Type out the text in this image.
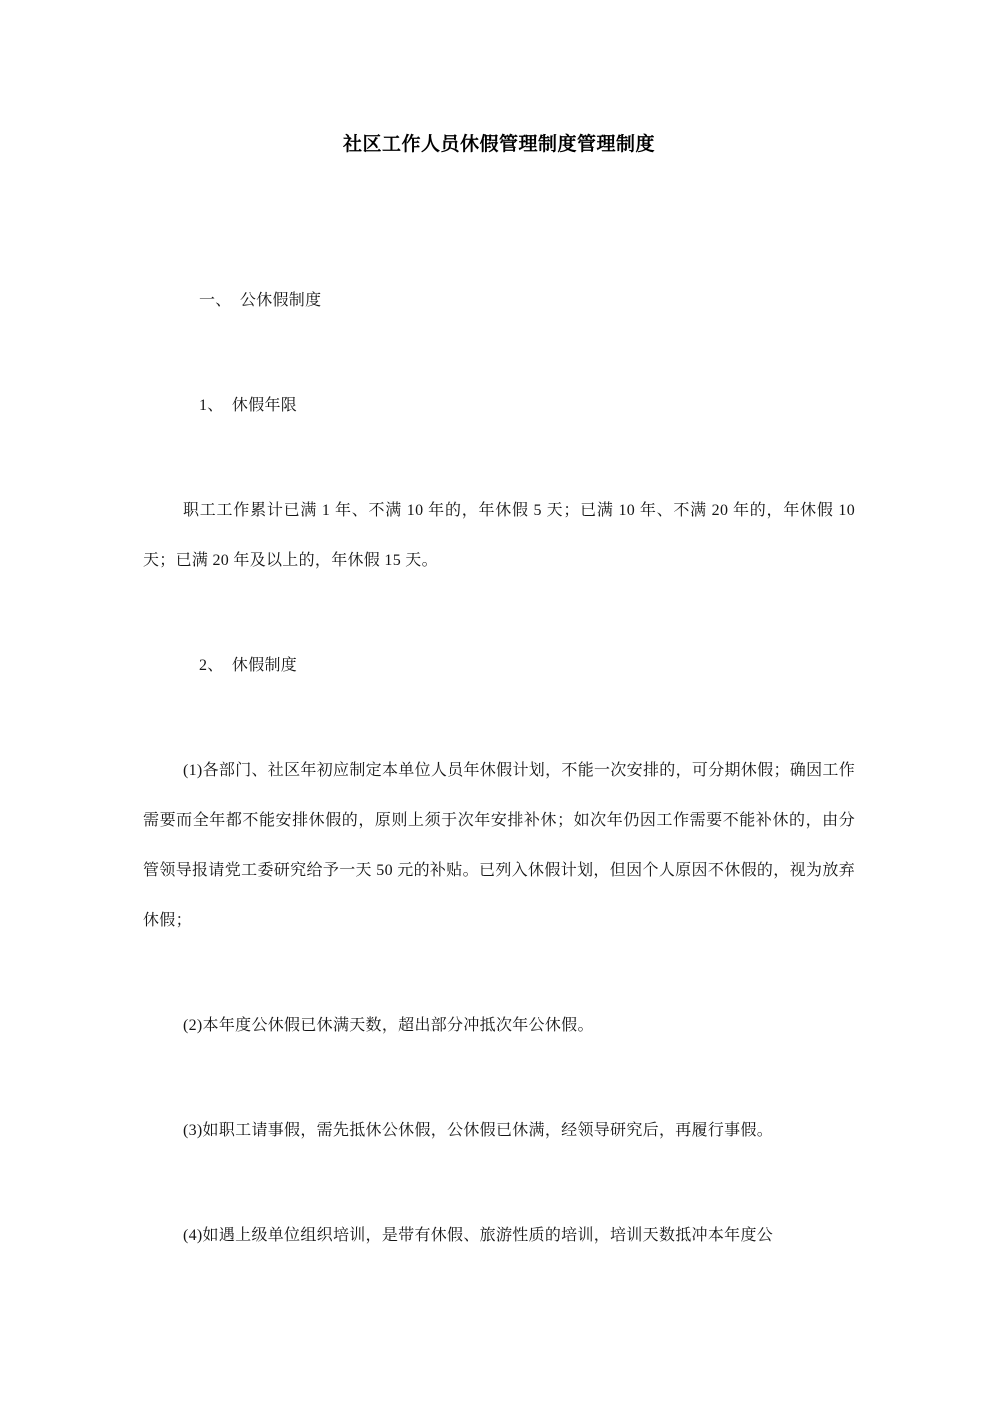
社区工作人员休假管理制度管理制度

一、　公休假制度

1、　休假年限

职工工作累计已满 1 年、不满 10 年的，年休假 5 天；已满 10 年、不满 20 年的，年休假 10 天；已满 20 年及以上的，年休假 15 天。

2、　休假制度

(1)各部门、社区年初应制定本单位人员年休假计划，不能一次安排的，可分期休假；确因工作需要而全年都不能安排休假的，原则上须于次年安排补休；如次年仍因工作需要不能补休的，由分管领导报请党工委研究给予一天 50 元的补贴。已列入休假计划，但因个人原因不休假的，视为放弃休假；

(2)本年度公休假已休满天数，超出部分冲抵次年公休假。

(3)如职工请事假，需先抵休公休假，公休假已休满，经领导研究后，再履行事假。

(4)如遇上级单位组织培训，是带有休假、旅游性质的培训，培训天数抵冲本年度公
